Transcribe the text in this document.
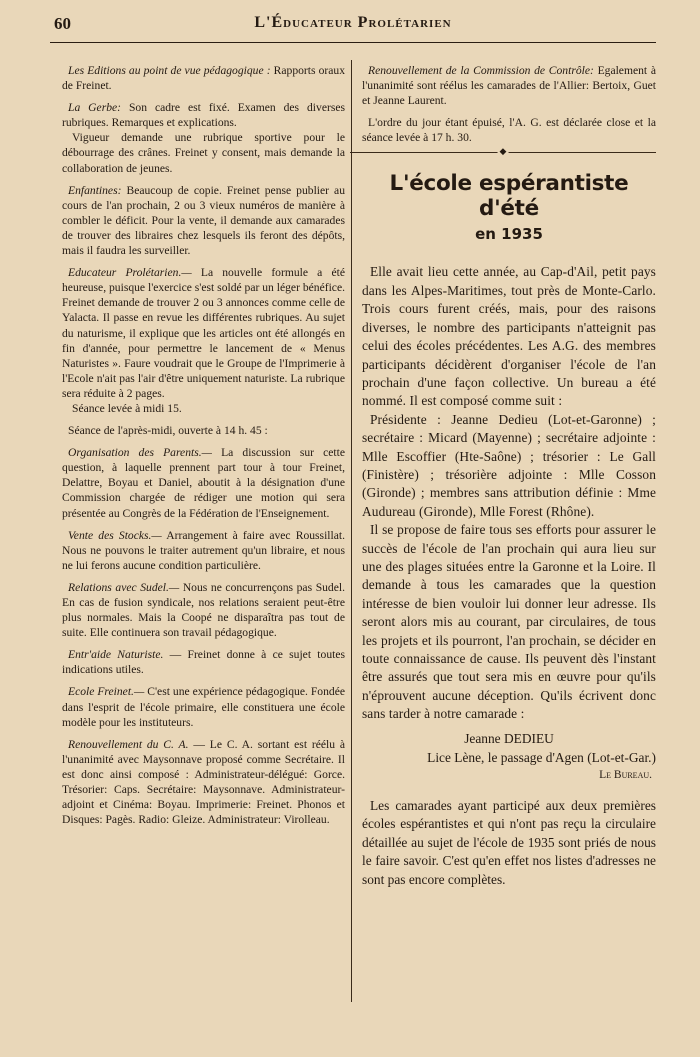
60	L'Éducateur Prolétarien

Les Editions au point de vue pédagogique : Rapports oraux de Freinet.

La Gerbe: Son cadre est fixé. Examen des diverses rubriques. Remarques et explications.
Vigueur demande une rubrique sportive pour le débourrage des crânes. Freinet y consent, mais demande la collaboration de jeunes.

Enfantines: Beaucoup de copie. Freinet pense publier au cours de l'an prochain, 2 ou 3 vieux numéros de manière à combler le déficit. Pour la vente, il demande aux camarades de trouver des libraires chez lesquels ils feront des dépôts, mais il faudra les surveiller.

Educateur Prolétarien.— La nouvelle formule a été heureuse, puisque l'exercice s'est soldé par un léger bénéfice. Freinet demande de trouver 2 ou 3 annonces comme celle de Yalacta. Il passe en revue les différentes rubriques. Au sujet du naturisme, il explique que les articles ont été allongés en fin d'année, pour permettre le lancement de « Menus Naturistes ». Faure voudrait que le Groupe de l'Imprimerie à l'Ecole n'ait pas l'air d'être uniquement naturiste. La rubrique sera réduite à 2 pages.
Séance levée à midi 15.

Séance de l'après-midi, ouverte à 14 h. 45 :

Organisation des Parents.— La discussion sur cette question, à laquelle prennent part tour à tour Freinet, Delattre, Boyau et Daniel, aboutit à la désignation d'une Commission chargée de rédiger une motion qui sera présentée au Congrès de la Fédération de l'Enseignement.

Vente des Stocks.— Arrangement à faire avec Roussillat. Nous ne pouvons le traiter autrement qu'un libraire, et nous ne lui ferons aucune condition particulière.

Relations avec Sudel.— Nous ne concurrençons pas Sudel. En cas de fusion syndicale, nos relations seraient peut-être plus normales. Mais la Coopé ne disparaîtra pas tout de suite. Elle continuera son travail pédagogique.

Entr'aide Naturiste. — Freinet donne à ce sujet toutes indications utiles.

Ecole Freinet.— C'est une expérience pédagogique. Fondée dans l'esprit de l'école primaire, elle constituera une école modèle pour les instituteurs.

Renouvellement du C. A. — Le C. A. sortant est réélu à l'unanimité avec Maysonnave proposé comme Secrétaire. Il est donc ainsi composé : Administrateur-délégué: Gorce. Trésorier: Caps. Secrétaire: Maysonnave. Administrateur-adjoint et Cinéma: Boyau. Imprimerie: Freinet. Phonos et Disques: Pagès. Radio: Gleize. Administrateur: Virolleau.

Renouvellement de la Commission de Contrôle: Egalement à l'unanimité sont réélus les camarades de l'Allier: Bertoix, Guet et Jeanne Laurent.

L'ordre du jour étant épuisé, l'A. G. est déclarée close et la séance levée à 17 h. 30.

◆
L'école espérantiste d'été
en 1935

Elle avait lieu cette année, au Cap-d'Ail, petit pays dans les Alpes-Maritimes, tout près de Monte-Carlo. Trois cours furent créés, mais, pour des raisons diverses, le nombre des participants n'atteignit pas celui des écoles précédentes. Les A.G. des membres participants décidèrent d'organiser l'école de l'an prochain d'une façon collective. Un bureau a été nommé. Il est composé comme suit :

Présidente : Jeanne Dedieu (Lot-et-Garonne) ; secrétaire : Micard (Mayenne) ; secrétaire adjointe : Mlle Escoffier (Hte-Saône) ; trésorier : Le Gall (Finistère) ; trésorière adjointe : Mlle Cosson (Gironde) ; membres sans attribution définie : Mme Audureau (Gironde), Mlle Forest (Rhône).

Il se propose de faire tous ses efforts pour assurer le succès de l'école de l'an prochain qui aura lieu sur une des plages situées entre la Garonne et la Loire. Il demande à tous les camarades que la question intéresse de bien vouloir lui donner leur adresse. Ils seront alors mis au courant, par circulaires, de tous les projets et ils pourront, l'an prochain, se décider en toute connaissance de cause. Ils peuvent dès l'instant être assurés que tout sera mis en œuvre pour qu'ils n'éprouvent aucune déception. Qu'ils écrivent donc sans tarder à notre camarade :

Jeanne DEDIEU
Lice Lène, le passage d'Agen (Lot-et-Gar.)
Le Bureau.

Les camarades ayant participé aux deux premières écoles espérantistes et qui n'ont pas reçu la circulaire détaillée au sujet de l'école de 1935 sont priés de nous le faire savoir. C'est qu'en effet nos listes d'adresses ne sont pas encore complètes.
